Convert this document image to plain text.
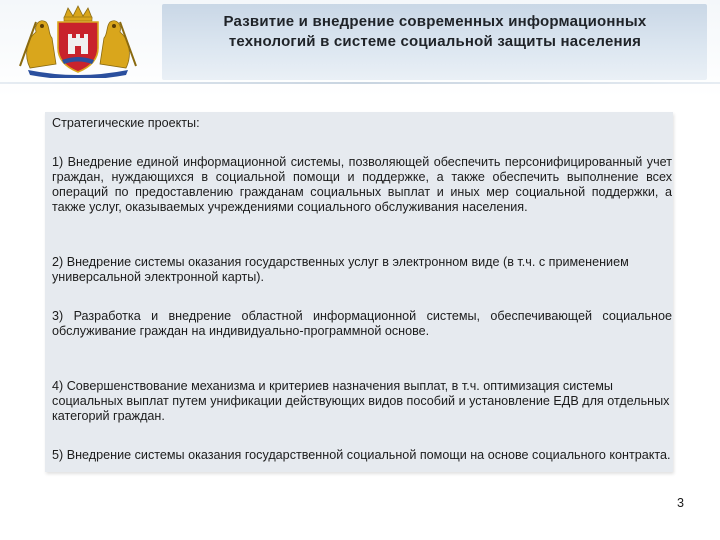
Развитие и внедрение современных информационных
технологий в системе социальной защиты населения
Стратегические проекты:
1) Внедрение единой информационной системы, позволяющей обеспечить персонифицированный учет граждан, нуждающихся в социальной помощи и поддержке, а также обеспечить выполнение всех операций по предоставлению гражданам социальных выплат и иных мер социальной поддержки, а также услуг, оказываемых учреждениями социального обслуживания населения.
2) Внедрение системы оказания государственных услуг в электронном виде (в т.ч. с применением универсальной электронной карты).
3) Разработка и внедрение областной информационной системы, обеспечивающей социальное обслуживание граждан на индивидуально-программной основе.
4) Совершенствование механизма и критериев назначения выплат, в т.ч. оптимизация системы социальных выплат путем унификации действующих видов пособий и установление ЕДВ для отдельных категорий граждан.
5) Внедрение системы оказания государственной социальной помощи на основе социального контракта.
3
